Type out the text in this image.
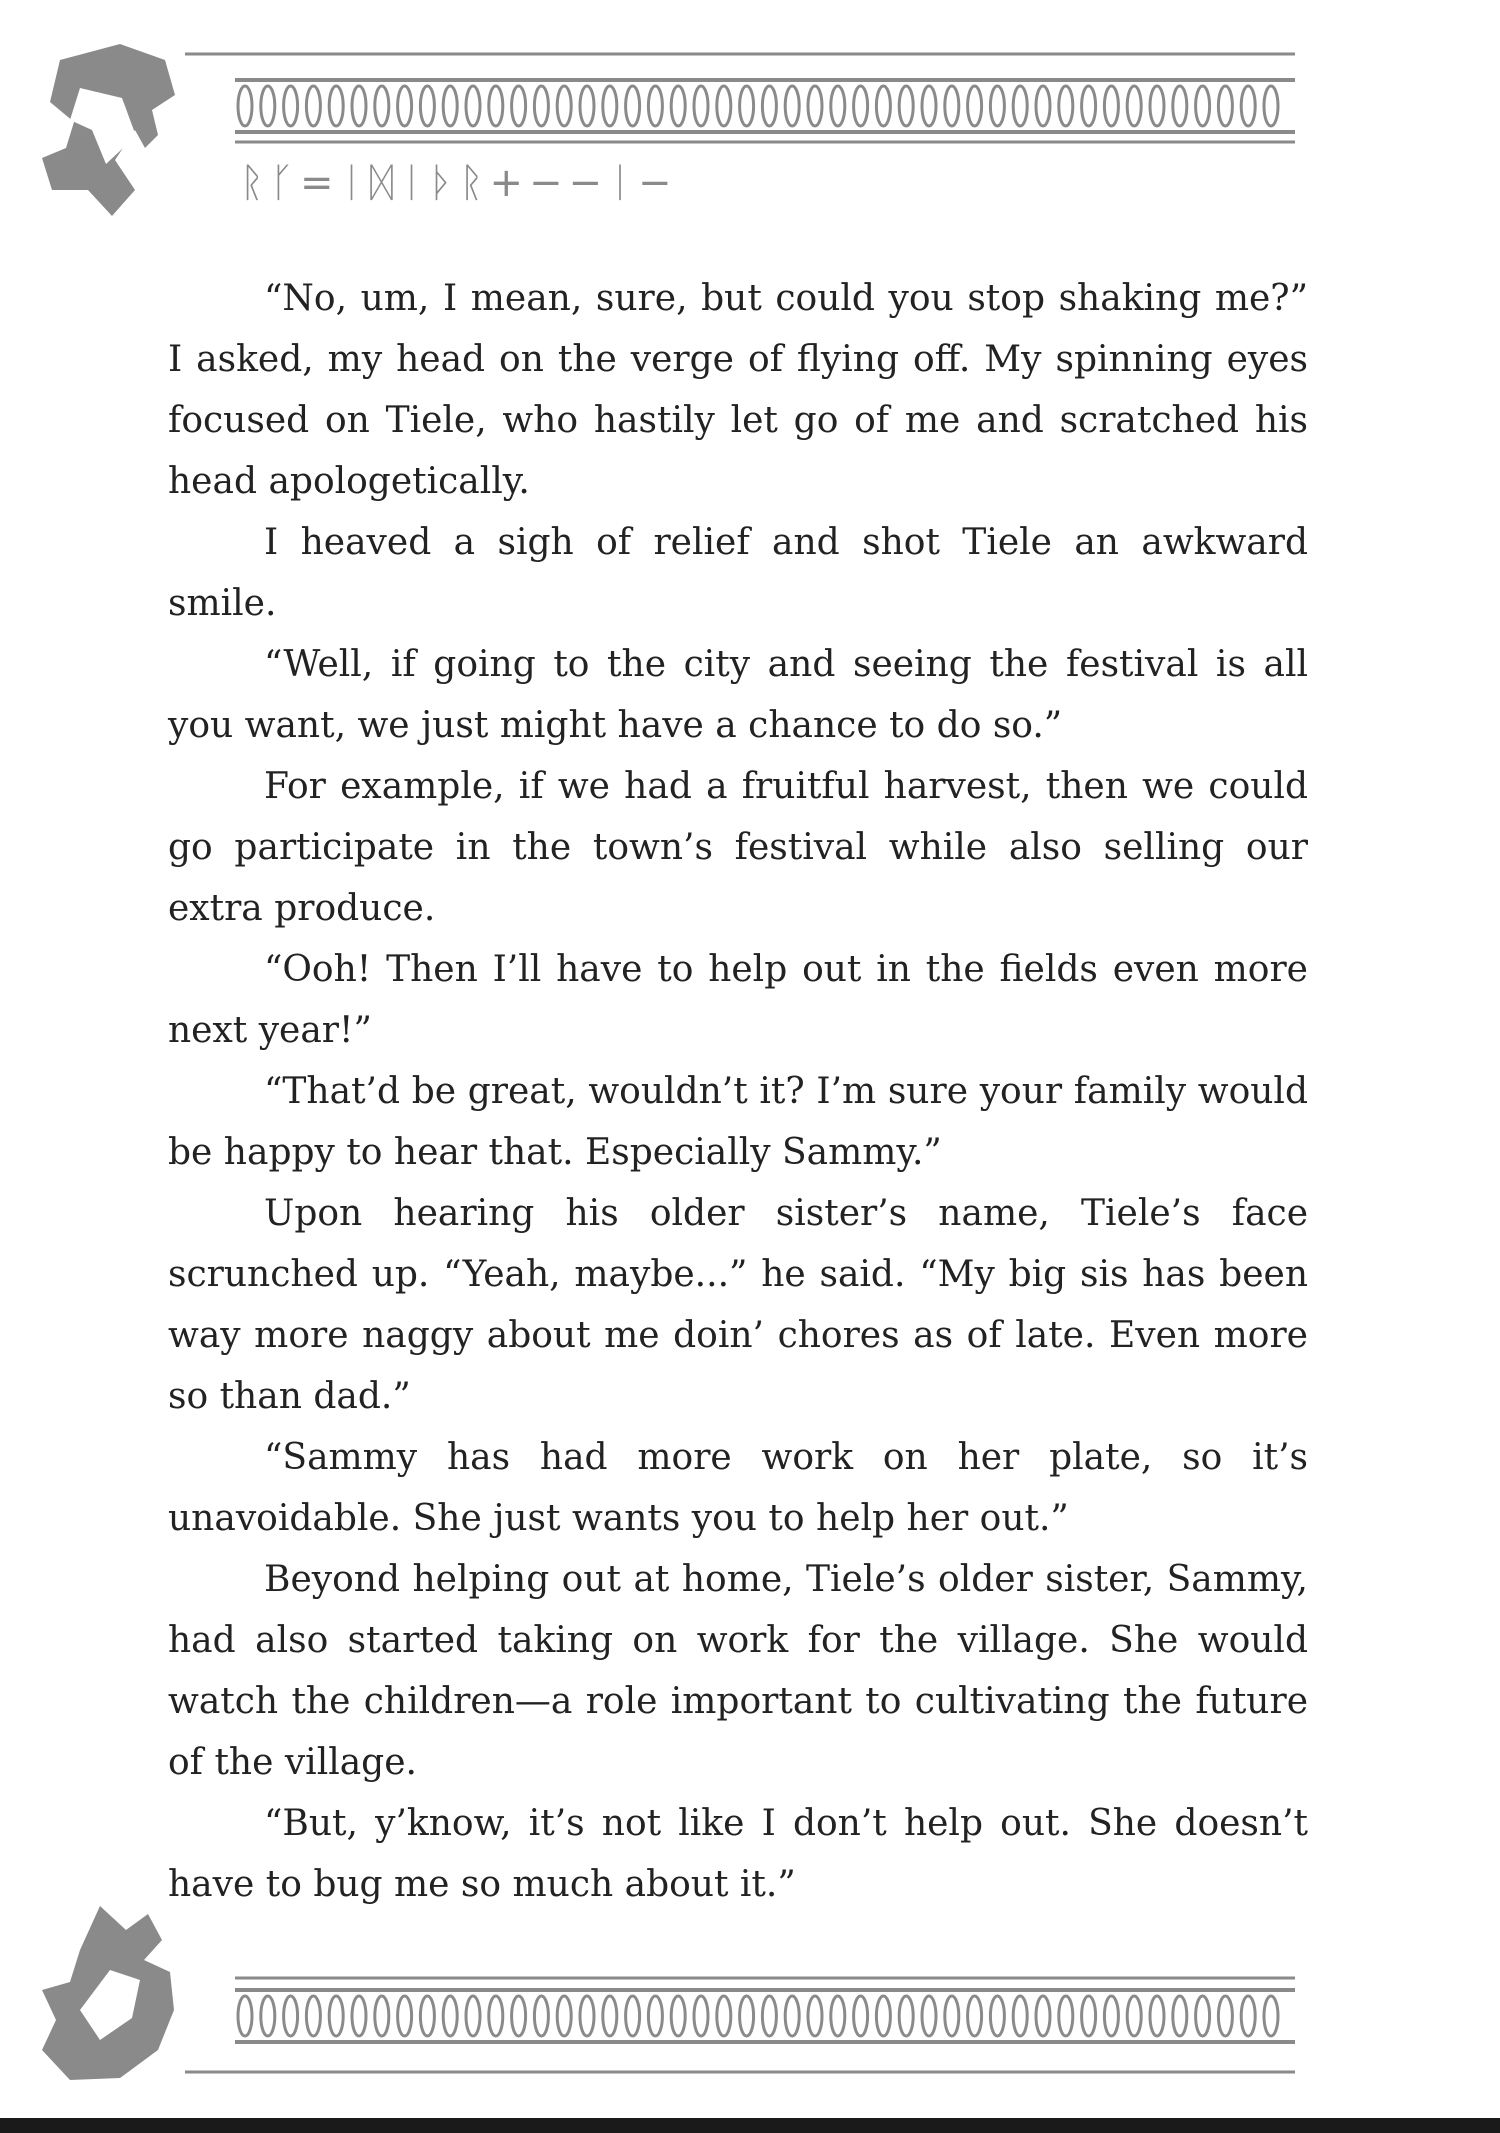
ᚱᚴ=ᛁᛞᛁᚦᚱ+−−ᛁ−

“No, um, I mean, sure, but could you stop shaking me?” I asked, my head on the verge of flying off. My spinning eyes focused on Tiele, who hastily let go of me and scratched his head apologetically.

I heaved a sigh of relief and shot Tiele an awkward smile.

“Well, if going to the city and seeing the festival is all you want, we just might have a chance to do so.”

For example, if we had a fruitful harvest, then we could go participate in the town’s festival while also selling our extra produce.

“Ooh! Then I’ll have to help out in the fields even more next year!”

“That’d be great, wouldn’t it? I’m sure your family would be happy to hear that. Especially Sammy.”

Upon hearing his older sister’s name, Tiele’s face scrunched up. “Yeah, maybe...” he said. “My big sis has been way more naggy about me doin’ chores as of late. Even more so than dad.”

“Sammy has had more work on her plate, so it’s unavoidable. She just wants you to help her out.”

Beyond helping out at home, Tiele’s older sister, Sammy, had also started taking on work for the village. She would watch the children—a role important to cultivating the future of the village.

“But, y’know, it’s not like I don’t help out. She doesn’t have to bug me so much about it.”
